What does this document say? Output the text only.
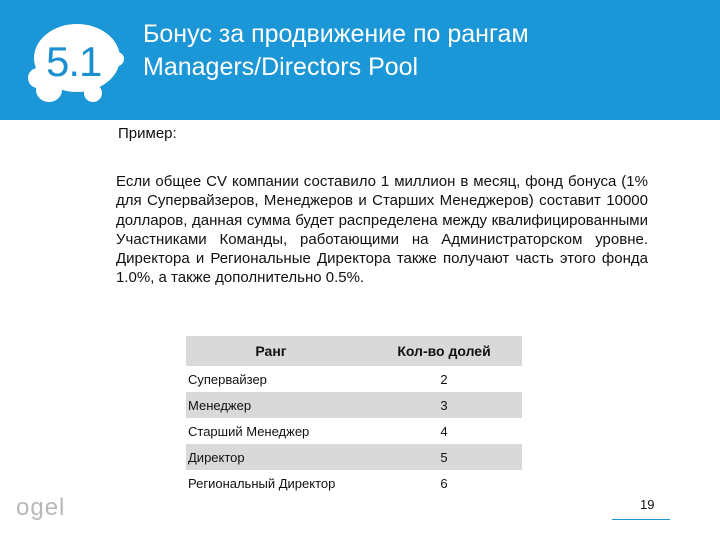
5.1
Бонус за продвижение по рангам
Managers/Directors Pool
Пример:
Если общее CV компании составило 1 миллион в месяц, фонд бонуса (1% для Супервайзеров, Менеджеров и Старших Менеджеров) составит 10000 долларов, данная сумма будет распределена между квалифицированными Участниками Команды, работающими на Администраторском уровне. Директора и Региональные Директора также получают часть этого фонда 1.0%, а также дополнительно 0.5%.
Ранг	Кол-во долей
Супервайзер	2
Менеджер	3
Старший Менеджер	4
Директор	5
Региональный Директор	6
ogel	19
